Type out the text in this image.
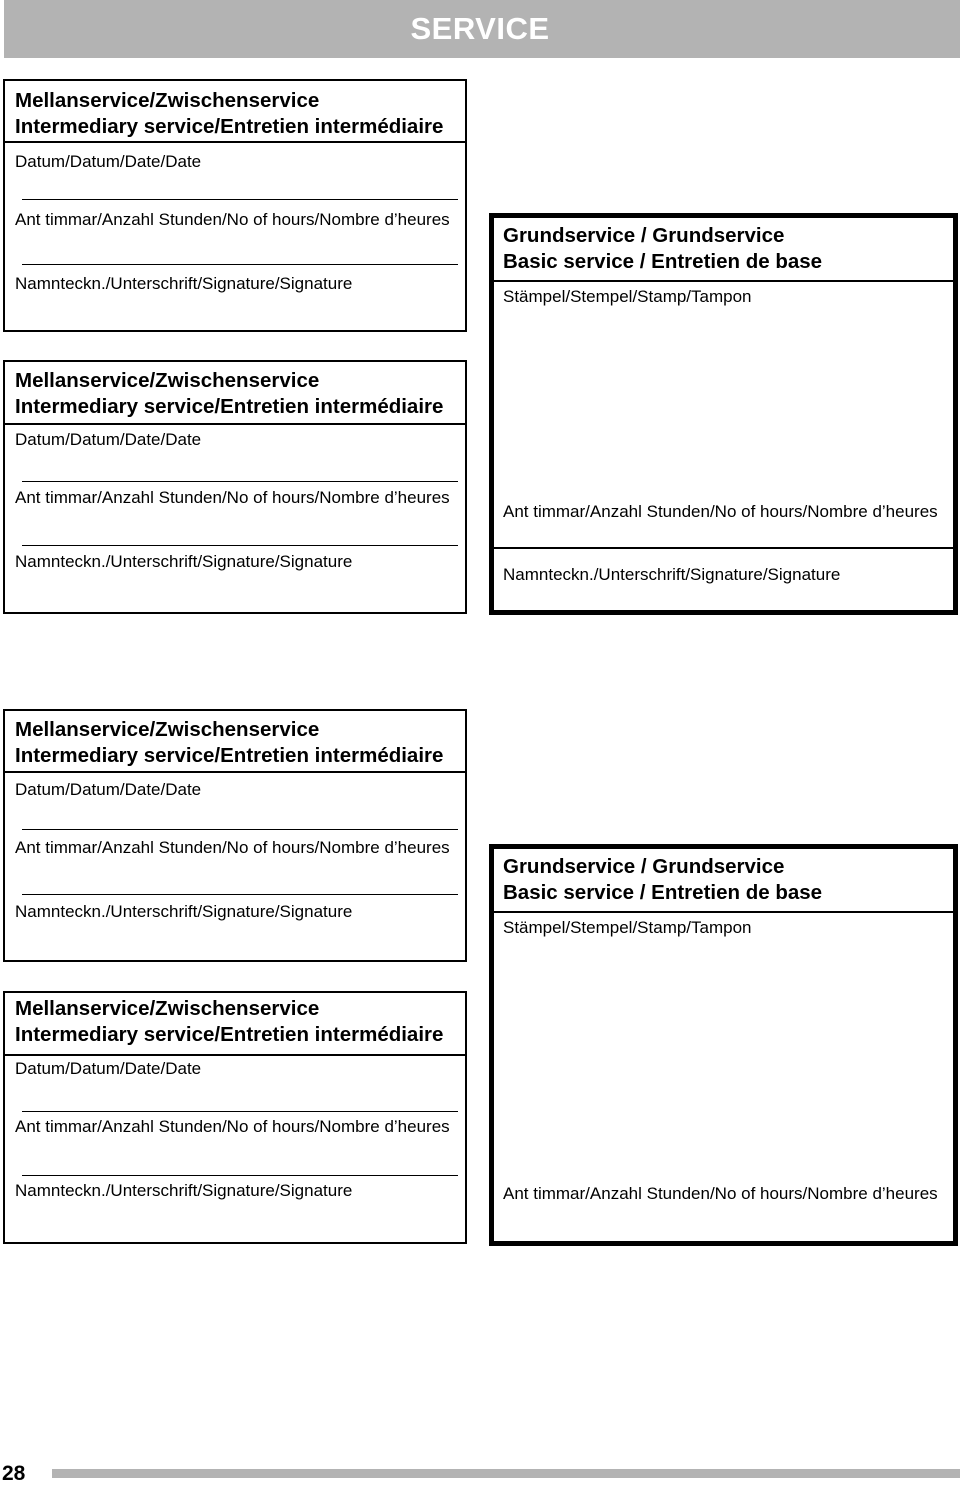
SERVICE
Mellanservice/Zwischenservice
Intermediary service/Entretien intermédiaire
Datum/Datum/Date/Date
Ant timmar/Anzahl Stunden/No of hours/Nombre d’heures
Namnteckn./Unterschrift/Signature/Signature
Mellanservice/Zwischenservice
Intermediary service/Entretien intermédiaire
Datum/Datum/Date/Date
Ant timmar/Anzahl Stunden/No of hours/Nombre d’heures
Namnteckn./Unterschrift/Signature/Signature
Grundservice / Grundservice
Basic service / Entretien de base
Stämpel/Stempel/Stamp/Tampon
Ant timmar/Anzahl Stunden/No of hours/Nombre d’heures
Namnteckn./Unterschrift/Signature/Signature
Mellanservice/Zwischenservice
Intermediary service/Entretien intermédiaire
Datum/Datum/Date/Date
Ant timmar/Anzahl Stunden/No of hours/Nombre d’heures
Namnteckn./Unterschrift/Signature/Signature
Mellanservice/Zwischenservice
Intermediary service/Entretien intermédiaire
Datum/Datum/Date/Date
Ant timmar/Anzahl Stunden/No of hours/Nombre d’heures
Namnteckn./Unterschrift/Signature/Signature
Grundservice / Grundservice
Basic service / Entretien de base
Stämpel/Stempel/Stamp/Tampon
Ant timmar/Anzahl Stunden/No of hours/Nombre d’heures
28
